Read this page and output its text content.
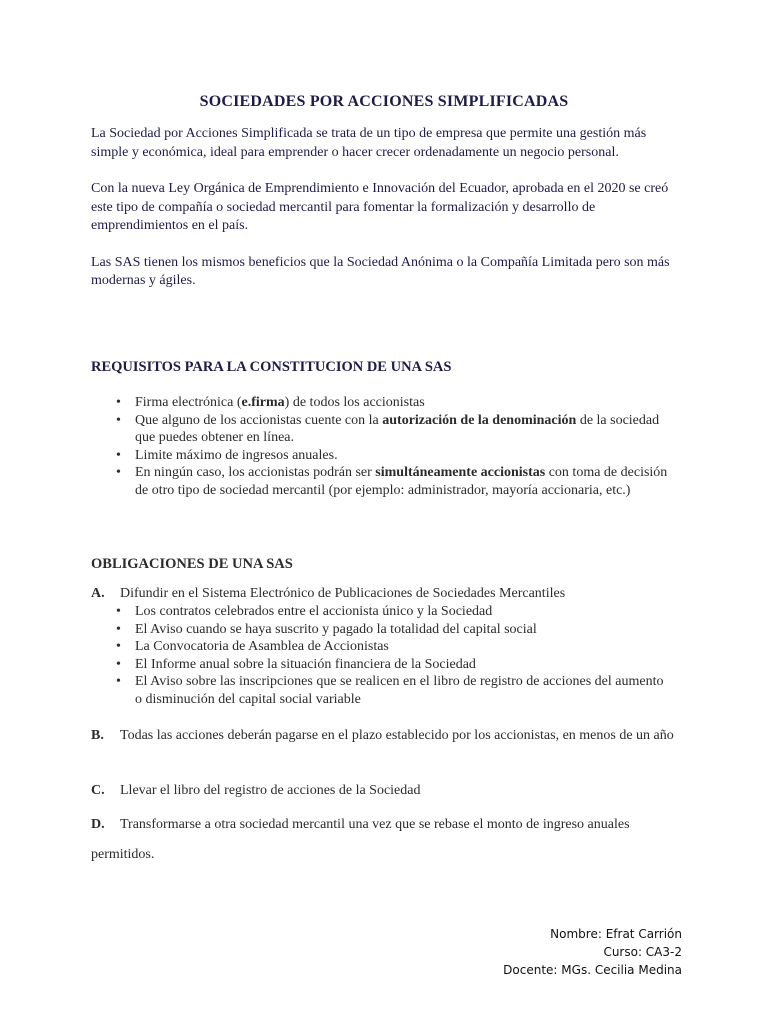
SOCIEDADES POR ACCIONES SIMPLIFICADAS

La Sociedad por Acciones Simplificada se trata de un tipo de empresa que permite una gestión más simple y económica, ideal para emprender o hacer crecer ordenadamente un negocio personal.

Con la nueva Ley Orgánica de Emprendimiento e Innovación del Ecuador, aprobada en el 2020 se creó este tipo de compañía o sociedad mercantil para fomentar la formalización y desarrollo de emprendimientos en el país.

Las SAS tienen los mismos beneficios que la Sociedad Anónima o la Compañía Limitada pero son más modernas y ágiles.

REQUISITOS PARA LA CONSTITUCION DE UNA SAS
•	Firma electrónica (e.firma) de todos los accionistas
•	Que alguno de los accionistas cuente con la autorización de la denominación de la sociedad que puedes obtener en línea.
•	Limite máximo de ingresos anuales.
•	En ningún caso, los accionistas podrán ser simultáneamente accionistas con toma de decisión de otro tipo de sociedad mercantil (por ejemplo: administrador, mayoría accionaria, etc.)
OBLIGACIONES DE UNA SAS
A. Difundir en el Sistema Electrónico de Publicaciones de Sociedades Mercantiles
•	Los contratos celebrados entre el accionista único y la Sociedad
•	El Aviso cuando se haya suscrito y pagado la totalidad del capital social
•	La Convocatoria de Asamblea de Accionistas
•	El Informe anual sobre la situación financiera de la Sociedad
•	El Aviso sobre las inscripciones que se realicen en el libro de registro de acciones del aumento o disminución del capital social variable
B. Todas las acciones deberán pagarse en el plazo establecido por los accionistas, en menos de un año
C. Llevar el libro del registro de acciones de la Sociedad
D. Transformarse a otra sociedad mercantil una vez que se rebase el monto de ingreso anuales permitidos.
Nombre: Efrat Carrión
Curso: CA3-2
Docente: MGs. Cecilia Medina
